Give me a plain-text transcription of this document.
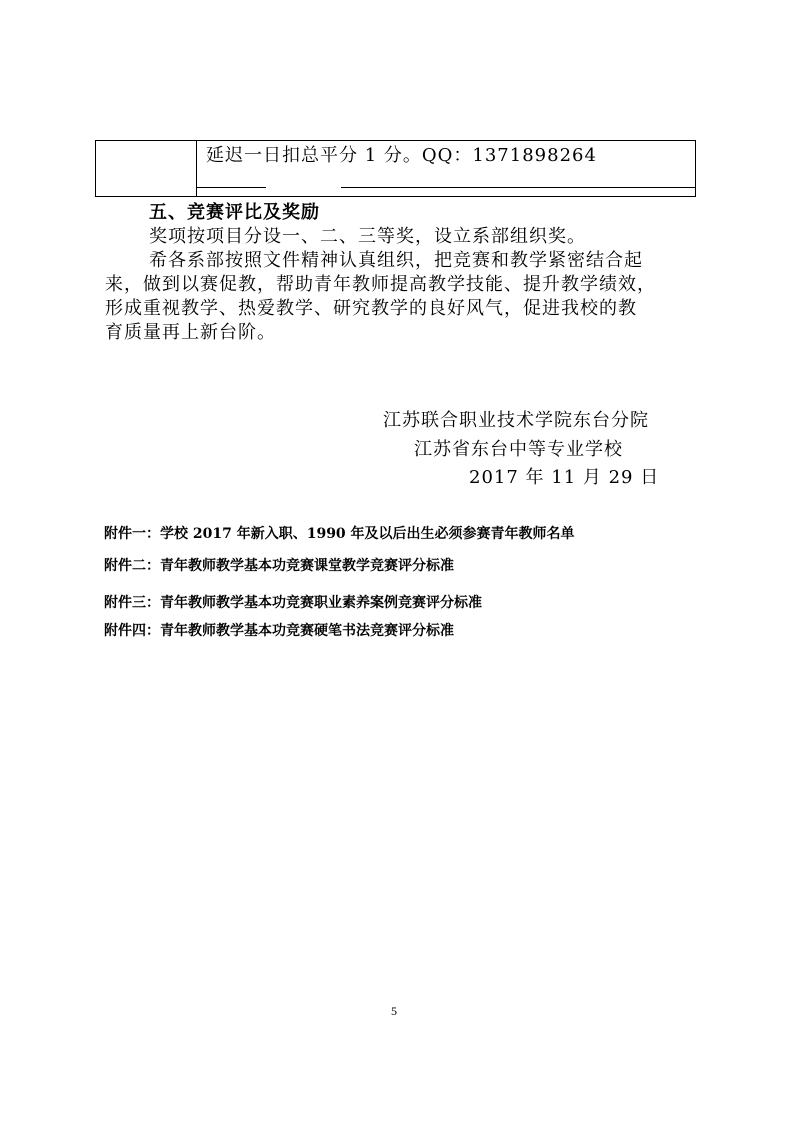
延迟一日扣总平分 1 分。QQ：1371898264
五、竞赛评比及奖励
奖项按项目分设一、二、三等奖，设立系部组织奖。
希各系部按照文件精神认真组织，把竞赛和教学紧密结合起
来，做到以赛促教，帮助青年教师提高教学技能、提升教学绩效，
形成重视教学、热爱教学、研究教学的良好风气，促进我校的教
育质量再上新台阶。
江苏联合职业技术学院东台分院
江苏省东台中等专业学校
2017 年 11 月 29 日
附件一：学校 2017 年新入职、1990 年及以后出生必须参赛青年教师名单
附件二：青年教师教学基本功竞赛课堂教学竞赛评分标准
附件三：青年教师教学基本功竞赛职业素养案例竞赛评分标准
附件四：青年教师教学基本功竞赛硬笔书法竞赛评分标准
5
